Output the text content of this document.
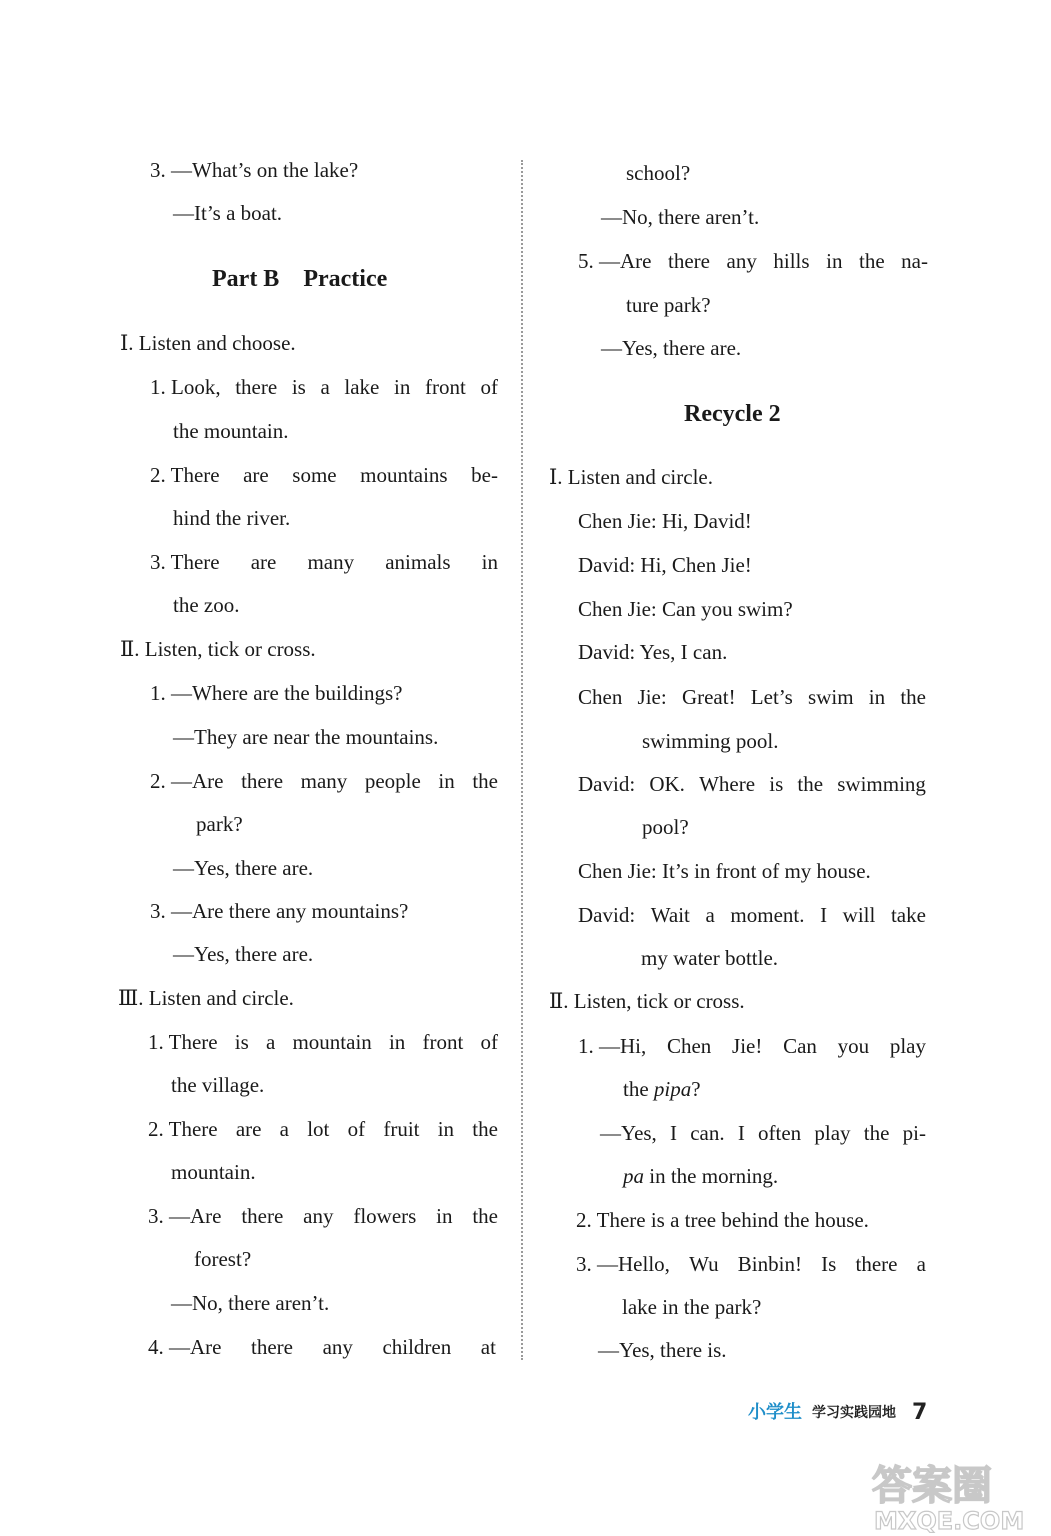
3. —What’s on the lake?
—It’s a boat.
Part B Practice
Ⅰ. Listen and choose.
1. Look, there is a lake in front of
the mountain.
2. There are some mountains be-
hind the river.
3. There are many animals in
the zoo.
Ⅱ. Listen, tick or cross.
1. —Where are the buildings?
—They are near the mountains.
2. —Are there many people in the
park?
—Yes, there are.
3. —Are there any mountains?
—Yes, there are.
Ⅲ. Listen and circle.
1. There is a mountain in front of
the village.
2. There are a lot of fruit in the
mountain.
3. —Are there any flowers in the
forest?
—No, there aren’t.
4. —Are there any children at
school?
—No, there aren’t.
5. —Are there any hills in the na-
ture park?
—Yes, there are.
Recycle 2
Ⅰ. Listen and circle.
Chen Jie: Hi, David!
David: Hi, Chen Jie!
Chen Jie: Can you swim?
David: Yes, I can.
Chen Jie: Great! Let’s swim in the
swimming pool.
David: OK. Where is the swimming
pool?
Chen Jie: It’s in front of my house.
David: Wait a moment. I will take
my water bottle.
Ⅱ. Listen, tick or cross.
1. —Hi, Chen Jie! Can you play
the pipa?
—Yes, I can. I often play the pi-
pa in the morning.
2. There is a tree behind the house.
3. —Hello, Wu Binbin! Is there a
lake in the park?
—Yes, there is.
小学生 学习实践园地 7
答案圈
MXQE.COM
